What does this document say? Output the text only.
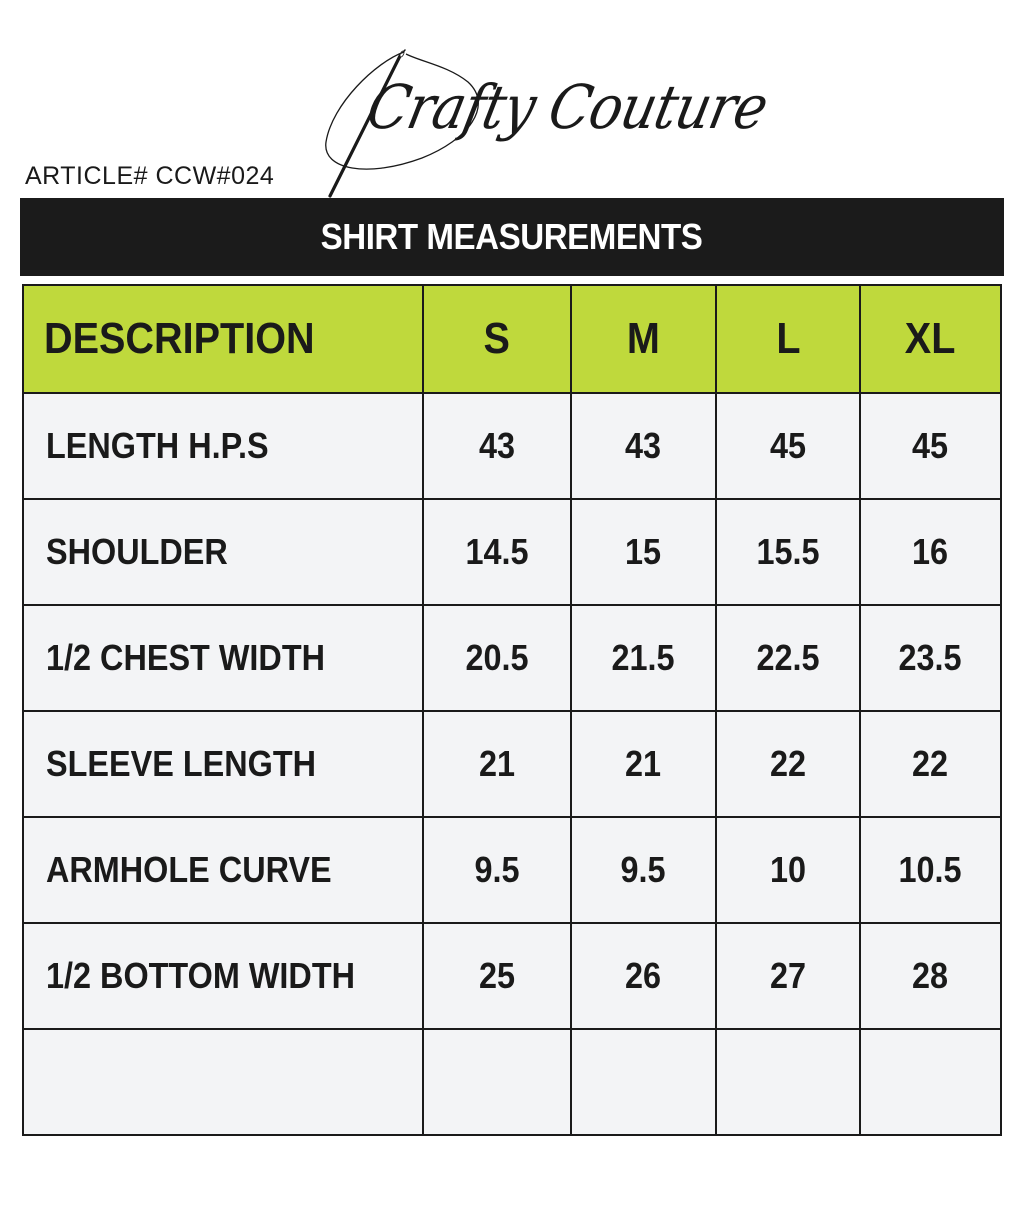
Crafty Couture
ARTICLE# CCW#024
SHIRT MEASUREMENTS
DESCRIPTION	S	M	L	XL
LENGTH H.P.S	43	43	45	45
SHOULDER	14.5	15	15.5	16
1/2 CHEST WIDTH	20.5	21.5	22.5	23.5
SLEEVE LENGTH	21	21	22	22
ARMHOLE CURVE	9.5	9.5	10	10.5
1/2 BOTTOM WIDTH	25	26	27	28
